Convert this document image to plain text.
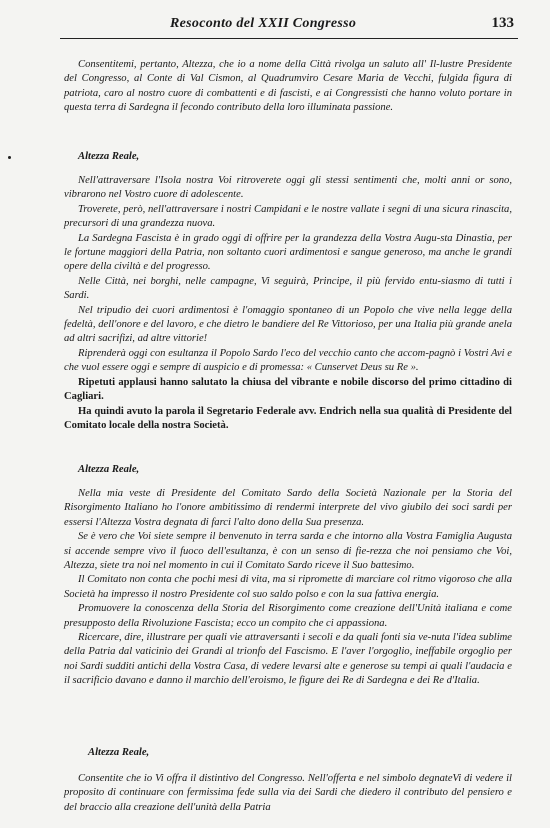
Resoconto del XXII Congresso	133

Consentitemi, pertanto, Altezza, che io a nome della Città rivolga un saluto all' Il-lustre Presidente del Congresso, al Conte di Val Cismon, al Quadrumviro Cesare Maria de Vecchi, fulgida figura di patriota, caro al nostro cuore di combattenti e di fascisti, e ai Congressisti che hanno voluto portare in questa terra di Sardegna il fecondo contributo della loro illuminata passione.

Altezza Reale,

Nell'attraversare l'Isola nostra Voi ritroverete oggi gli stessi sentimenti che, molti anni or sono, vibrarono nel Vostro cuore di adolescente.

Troverete, però, nell'attraversare i nostri Campidani e le nostre vallate i segni di una sicura rinascita, precursori di una grandezza nuova.

La Sardegna Fascista è in grado oggi di offrire per la grandezza della Vostra Augu-sta Dinastia, per le fortune maggiori della Patria, non soltanto cuori ardimentosi e sangue generoso, ma anche le grandi opere della civiltà e del progresso.

Nelle Città, nei borghi, nelle campagne, Vi seguirà, Principe, il più fervido entu-siasmo di tutti i Sardi.

Nel tripudio dei cuori ardimentosi è l'omaggio spontaneo di un Popolo che vive nella legge della fedeltà, dell'onore e del lavoro, e che dietro le bandiere del Re Vittorioso, per una Italia più grande anela ad altri sacrifizi, ad altre vittorie!

Riprenderà oggi con esultanza il Popolo Sardo l'eco del vecchio canto che accom-pagnò i Vostri Avi e che vuol essere oggi e sempre di auspicio e di promessa: « Cunservet Deus su Re ».

Ripetuti applausi hanno salutato la chiusa del vibrante e nobile discorso del primo cittadino di Cagliari.

Ha quindi avuto la parola il Segretario Federale avv. Endrich nella sua qualità di Presidente del Comitato locale della nostra Società.

Altezza Reale,

Nella mia veste di Presidente del Comitato Sardo della Società Nazionale per la Storia del Risorgimento Italiano ho l'onore ambitissimo di rendermi interprete del vivo giubilo dei soci sardi per essersi l'Altezza Vostra degnata di farci l'alto dono della Sua presenza.

Se è vero che Voi siete sempre il benvenuto in terra sarda e che intorno alla Vostra Famiglia Augusta si accende sempre vivo il fuoco dell'esultanza, è con un senso di fie-rezza che noi pensiamo che Voi, Altezza, siete tra noi nel momento in cui il Comitato Sardo riceve il Suo battesimo.

Il Comitato non conta che pochi mesi di vita, ma si ripromette di marciare col ritmo vigoroso che alla Società ha impresso il nostro Presidente col suo saldo polso e con la sua fattiva energia.

Promuovere la conoscenza della Storia del Risorgimento come creazione dell'Unità italiana e come presupposto della Rivoluzione Fascista; ecco un compito che ci appassiona.

Ricercare, dire, illustrare per quali vie attraversanti i secoli e da quali fonti sia ve-nuta l'idea sublime della Patria dal vaticinio dei Grandi al trionfo del Fascismo. E l'aver l'orgoglio, ineffabile orgoglio per noi Sardi sudditi antichi della Vostra Casa, di vedere levarsi alte e generose su tempi ai quali l'audacia e il sacrificio davano e danno il marchio dell'eroismo, le figure dei Re di Sardegna e dei Re d'Italia.

Altezza Reale,

Consentite che io Vi offra il distintivo del Congresso. Nell'offerta e nel simbolo degnateVi di vedere il proposito di continuare con fermissima fede sulla via dei Sardi che diedero il contributo del pensiero e del braccio alla creazione dell'unità della Patria
